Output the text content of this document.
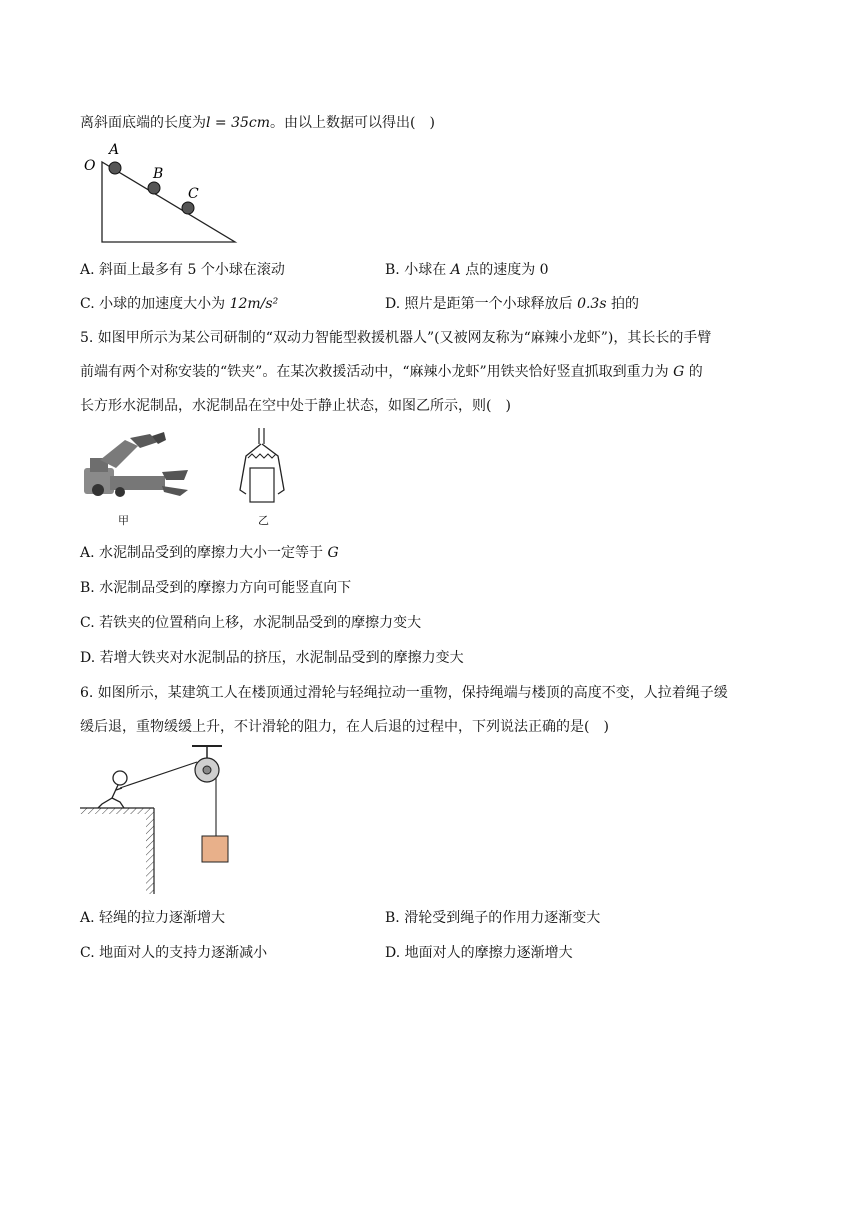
离斜面底端的长度为l = 35cm。由以上数据可以得出(　)
O
A
B
C
A. 斜面上最多有 5 个小球在滚动	B. 小球在 A 点的速度为 0
C. 小球的加速度大小为 12m/s²	D. 照片是距第一个小球释放后 0.3s 拍的
5. 如图甲所示为某公司研制的“双动力智能型救援机器人”(又被网友称为“麻辣小龙虾”)，其长长的手臂
前端有两个对称安装的“铁夹”。在某次救援活动中，“麻辣小龙虾”用铁夹恰好竖直抓取到重力为 G 的
长方形水泥制品，水泥制品在空中处于静止状态，如图乙所示，则(　)
甲	乙
A. 水泥制品受到的摩擦力大小一定等于 G
B. 水泥制品受到的摩擦力方向可能竖直向下
C. 若铁夹的位置稍向上移，水泥制品受到的摩擦力变大
D. 若增大铁夹对水泥制品的挤压，水泥制品受到的摩擦力变大
6. 如图所示，某建筑工人在楼顶通过滑轮与轻绳拉动一重物，保持绳端与楼顶的高度不变，人拉着绳子缓
缓后退，重物缓缓上升，不计滑轮的阻力，在人后退的过程中，下列说法正确的是(　)
A. 轻绳的拉力逐渐增大	B. 滑轮受到绳子的作用力逐渐变大
C. 地面对人的支持力逐渐减小	D. 地面对人的摩擦力逐渐增大
